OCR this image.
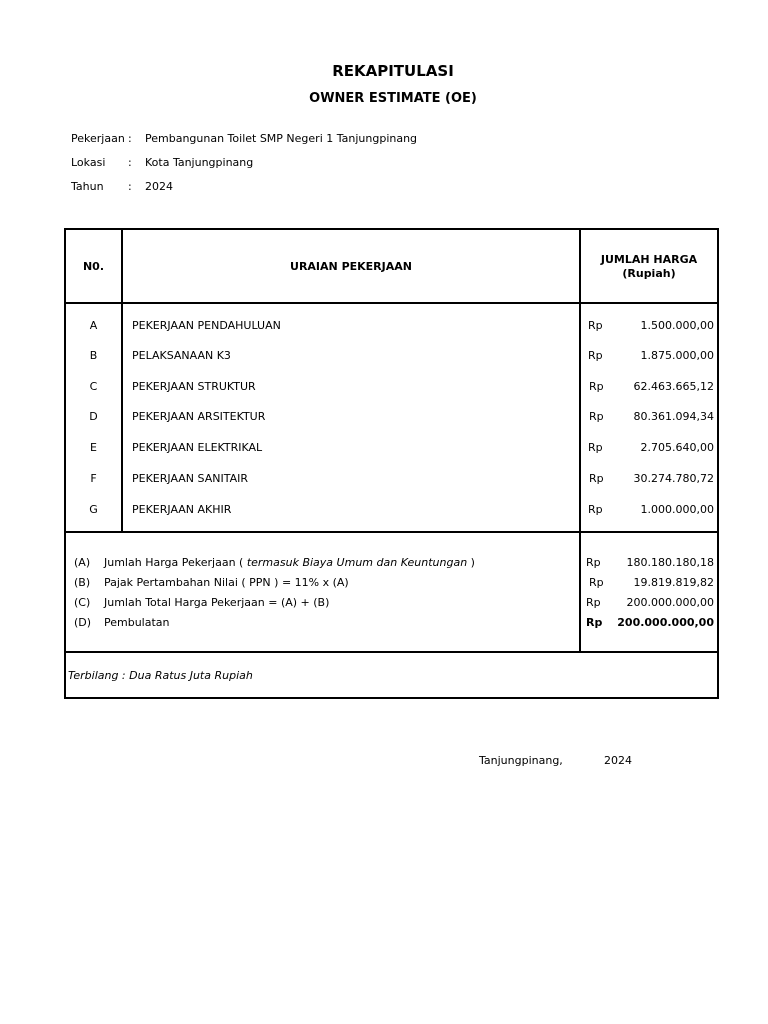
REKAPITULASI
OWNER ESTIMATE (OE)
Pekerjaan : Pembangunan Toilet SMP Negeri 1 Tanjungpinang
Lokasi : Kota Tanjungpinang
Tahun : 2024
N0.	URAIAN PEKERJAAN
JUMLAH HARGA
(Rupiah)
A	PEKERJAAN PENDAHULUAN	Rp	1.500.000,00
B	PELAKSANAAN K3	Rp	1.875.000,00
C	PEKERJAAN STRUKTUR	Rp	62.463.665,12
D	PEKERJAAN ARSITEKTUR	Rp	80.361.094,34
E	PEKERJAAN ELEKTRIKAL	Rp	2.705.640,00
F	PEKERJAAN SANITAIR	Rp	30.274.780,72
G	PEKERJAAN AKHIR	Rp	1.000.000,00
(A) Jumlah Harga Pekerjaan ( termasuk Biaya Umum dan Keuntungan )	Rp	180.180.180,18
(B) Pajak Pertambahan Nilai ( PPN ) = 11% x (A)	Rp	19.819.819,82
(C) Jumlah Total Harga Pekerjaan = (A) + (B)	Rp	200.000.000,00
(D) Pembulatan	Rp	200.000.000,00
Terbilang : Dua Ratus Juta Rupiah
Tanjungpinang,	2024
